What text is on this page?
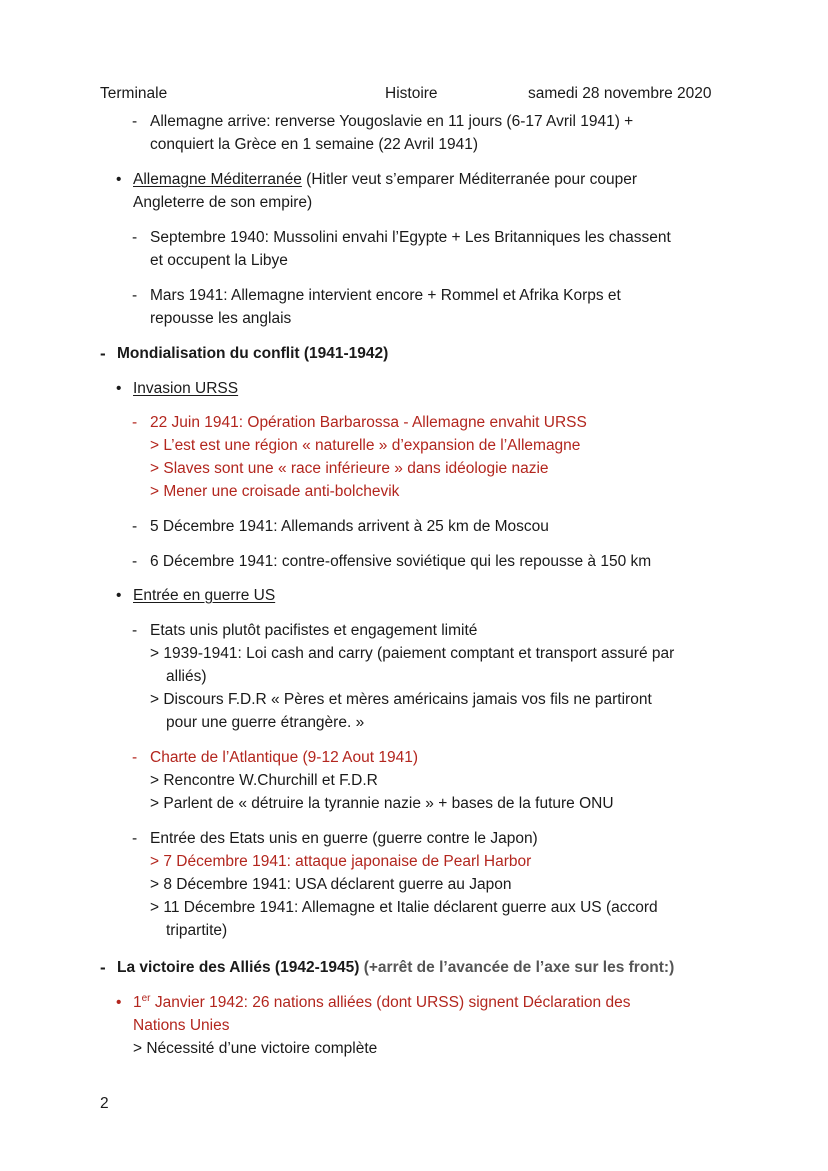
Terminale	Histoire	samedi 28 novembre 2020
- Allemagne arrive: renverse Yougoslavie en 11 jours (6-17 Avril 1941) +
conquiert la Grèce en 1 semaine (22 Avril 1941)
• Allemagne Méditerranée (Hitler veut s’emparer Méditerranée pour couper
Angleterre de son empire)
- Septembre 1940: Mussolini envahi l’Egypte + Les Britanniques les chassent
et occupent la Libye
- Mars 1941: Allemagne intervient encore + Rommel et Afrika Korps et
repousse les anglais
- Mondialisation du conflit (1941-1942)
• Invasion URSS
- 22 Juin 1941: Opération Barbarossa - Allemagne envahit URSS
> L’est est une région « naturelle » d’expansion de l’Allemagne
> Slaves sont une « race inférieure » dans idéologie nazie
> Mener une croisade anti-bolchevik
- 5 Décembre 1941: Allemands arrivent à 25 km de Moscou
- 6 Décembre 1941: contre-offensive soviétique qui les repousse à 150 km
• Entrée en guerre US
- Etats unis plutôt pacifistes et engagement limité
> 1939-1941: Loi cash and carry (paiement comptant et transport assuré par
alliés)
> Discours F.D.R « Pères et mères américains jamais vos fils ne partiront
pour une guerre étrangère. »
- Charte de l’Atlantique (9-12 Aout 1941)
> Rencontre W.Churchill et F.D.R
> Parlent de « détruire la tyrannie nazie » + bases de la future ONU
- Entrée des Etats unis en guerre (guerre contre le Japon)
> 7 Décembre 1941: attaque japonaise de Pearl Harbor
> 8 Décembre 1941: USA déclarent guerre au Japon
> 11 Décembre 1941: Allemagne et Italie déclarent guerre aux US (accord
tripartite)
- La victoire des Alliés (1942-1945) (+arrêt de l’avancée de l’axe sur les front:)
• 1er Janvier 1942: 26 nations alliées (dont URSS) signent Déclaration des
Nations Unies
> Nécessité d’une victoire complète
2
